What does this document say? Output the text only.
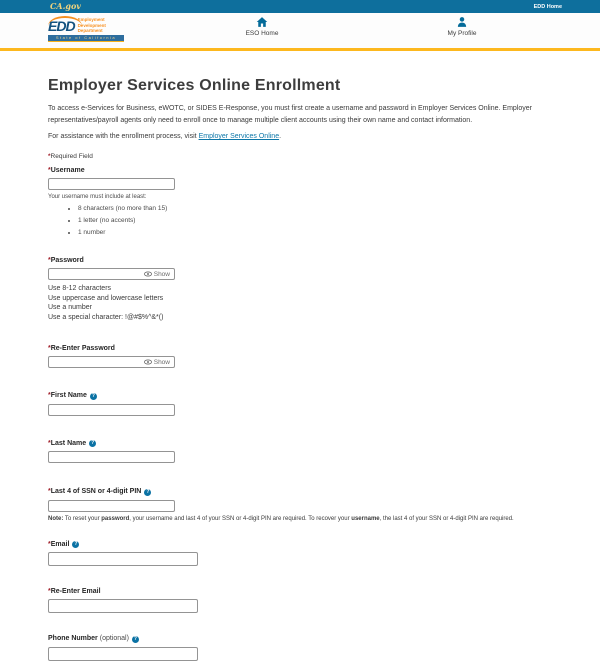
CA.gov	EDD Home
EDD Employment
Development
Department
State of California
ESO Home	My Profile
Employer Services Online Enrollment

To access e-Services for Business, eWOTC, or SIDES E-Response, you must first create a username and password in Employer Services Online. Employer representatives/payroll agents only need to enroll once to manage multiple client accounts using their own name and contact information.

For assistance with the enrollment process, visit Employer Services Online.

*Required Field
*Username
Your username must include at least:
• 8 characters (no more than 15)
• 1 letter (no accents)
• 1 number
*Password
Show
Use 8-12 characters
Use uppercase and lowercase letters
Use a number
Use a special character: !@#$%^&*()
*Re-Enter Password
Show
*First Name ?
*Last Name ?
*Last 4 of SSN or 4-digit PIN ?
Note: To reset your password, your username and last 4 of your SSN or 4-digit PIN are required. To recover your username, the last 4 of your SSN or 4-digit PIN are required.
*Email ?
*Re-Enter Email
Phone Number (optional) ?
